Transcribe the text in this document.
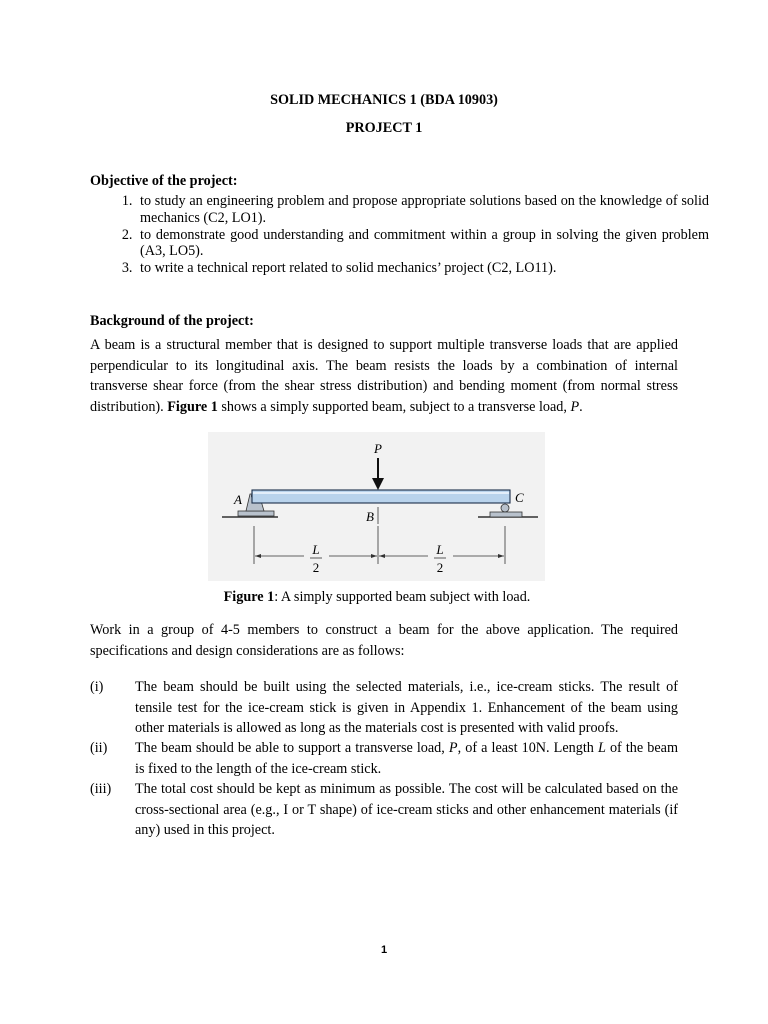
SOLID MECHANICS 1 (BDA 10903)
PROJECT 1
Objective of the project:
1. to study an engineering problem and propose appropriate solutions based on the knowledge of solid mechanics (C2, LO1).
2. to demonstrate good understanding and commitment within a group in solving the given problem (A3, LO5).
3. to write a technical report related to solid mechanics’ project (C2, LO11).
Background of the project:
A beam is a structural member that is designed to support multiple transverse loads that are applied perpendicular to its longitudinal axis. The beam resists the loads by a combination of internal transverse shear force (from the shear stress distribution) and bending moment (from normal stress distribution). Figure 1 shows a simply supported beam, subject to a transverse load, P.
P
A	C
B
L
2
L
2
Figure 1: A simply supported beam subject with load.
Work in a group of 4-5 members to construct a beam for the above application. The required specifications and design considerations are as follows:
(i) The beam should be built using the selected materials, i.e., ice-cream sticks. The result of tensile test for the ice-cream stick is given in Appendix 1. Enhancement of the beam using other materials is allowed as long as the materials cost is presented with valid proofs.
(ii) The beam should be able to support a transverse load, P, of a least 10N. Length L of the beam is fixed to the length of the ice-cream stick.
(iii) The total cost should be kept as minimum as possible. The cost will be calculated based on the cross-sectional area (e.g., I or T shape) of ice-cream sticks and other enhancement materials (if any) used in this project.
1
